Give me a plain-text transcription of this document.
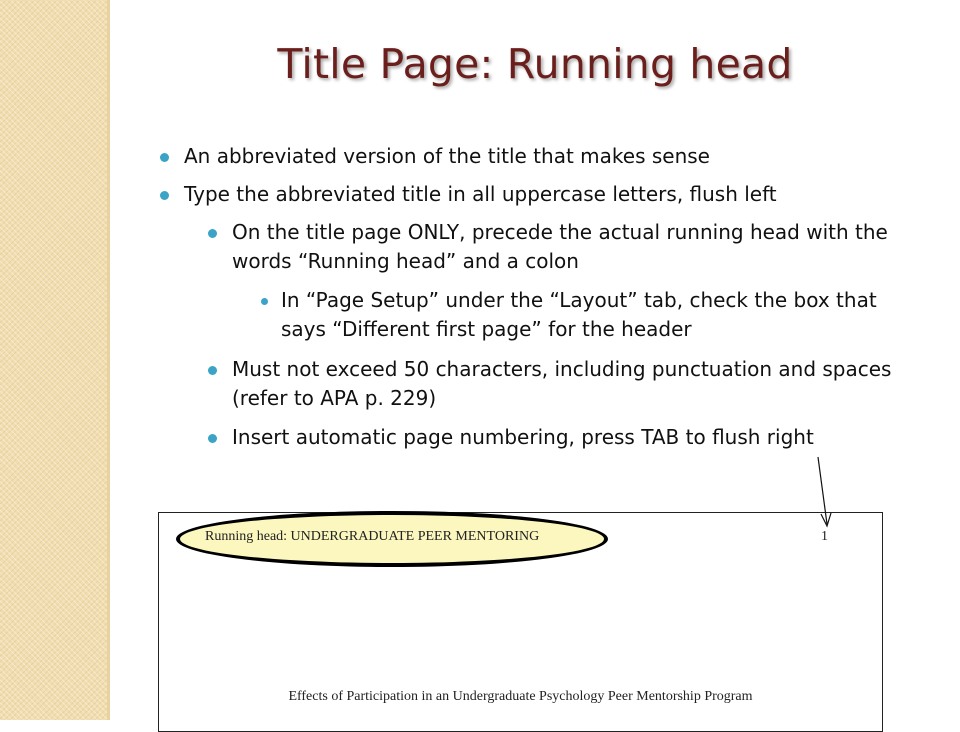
Title Page: Running head
An abbreviated version of the title that makes sense
Type the abbreviated title in all uppercase letters, flush left
On the title page ONLY, precede the actual running head with the words “Running head” and a colon
In “Page Setup” under the “Layout” tab, check the box that says “Different first page” for the header
Must not exceed 50 characters, including punctuation and spaces (refer to APA p. 229)
Insert automatic page numbering, press TAB to flush right
Running head: UNDERGRADUATE PEER MENTORING	1
Effects of Participation in an Undergraduate Psychology Peer Mentorship Program
